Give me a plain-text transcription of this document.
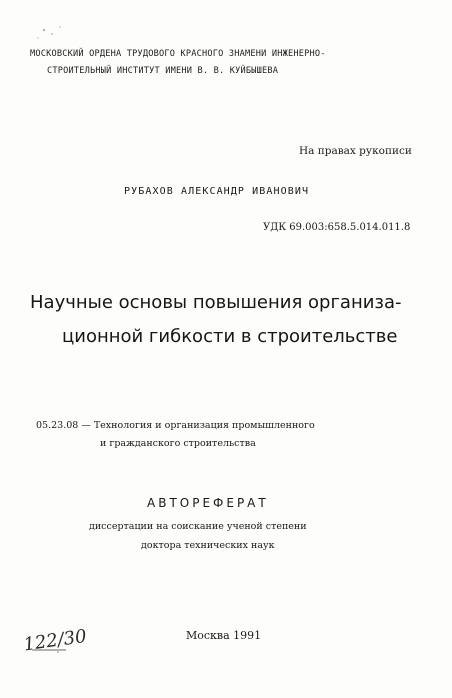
МОСКОВСКИЙ ОРДЕНА ТРУДОВОГО КРАСНОГО ЗНАМЕНИ ИНЖЕНЕРНО-
СТРОИТЕЛЬНЫЙ ИНСТИТУТ ИМЕНИ В. В. КУЙБЫШЕВА
На правах рукописи
РУБАХОВ АЛЕКСАНДР ИВАНОВИЧ
УДК 69.003:658.5.014.011.8
Научные основы повышения организа-
ционной гибкости в строительстве
05.23.08 — Технология и организация промышленного
и гражданского строительства
АВТОРЕФЕРАТ
диссертации на соискание ученой степени
доктора технических наук
Москва 1991
122/30
